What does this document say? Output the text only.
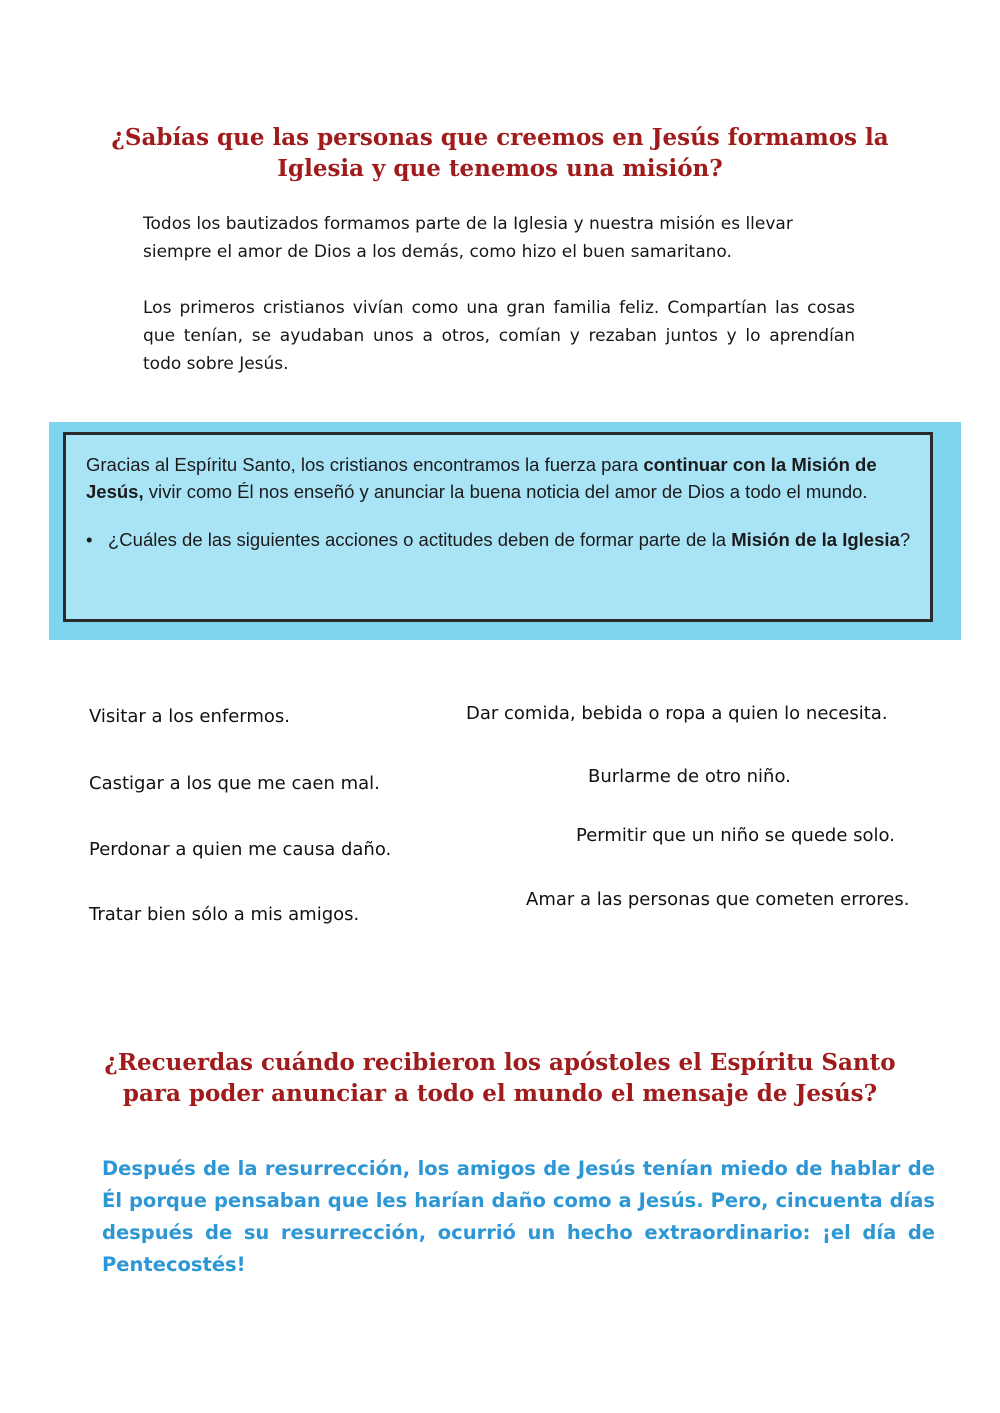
¿Sabías que las personas que creemos en Jesús formamos la
Iglesia y que tenemos una misión?

Todos los bautizados formamos parte de la Iglesia y nuestra misión es llevar
siempre el amor de Dios a los demás, como hizo el buen samaritano.

Los primeros cristianos vivían como una gran familia feliz. Compartían las cosas que tenían, se ayudaban unos a otros, comían y rezaban juntos y lo aprendían todo sobre Jesús.

Gracias al Espíritu Santo, los cristianos encontramos la fuerza para continuar con la Misión de Jesús, vivir como Él nos enseñó y anunciar la buena noticia del amor de Dios a todo el mundo.

• ¿Cuáles de las siguientes acciones o actitudes deben de formar parte de la Misión de la Iglesia?
Visitar a los enfermos.
Castigar a los que me caen mal.
Perdonar a quien me causa daño.
Tratar bien sólo a mis amigos.
Dar comida, bebida o ropa a quien lo necesita.
Burlarme de otro niño.
Permitir que un niño se quede solo.
Amar a las personas que cometen errores.
¿Recuerdas cuándo recibieron los apóstoles el Espíritu Santo
para poder anunciar a todo el mundo el mensaje de Jesús?

Después de la resurrección, los amigos de Jesús tenían miedo de hablar de Él porque pensaban que les harían daño como a Jesús. Pero, cincuenta días después de su resurrección, ocurrió un hecho extraordinario: ¡el día de Pentecostés!
